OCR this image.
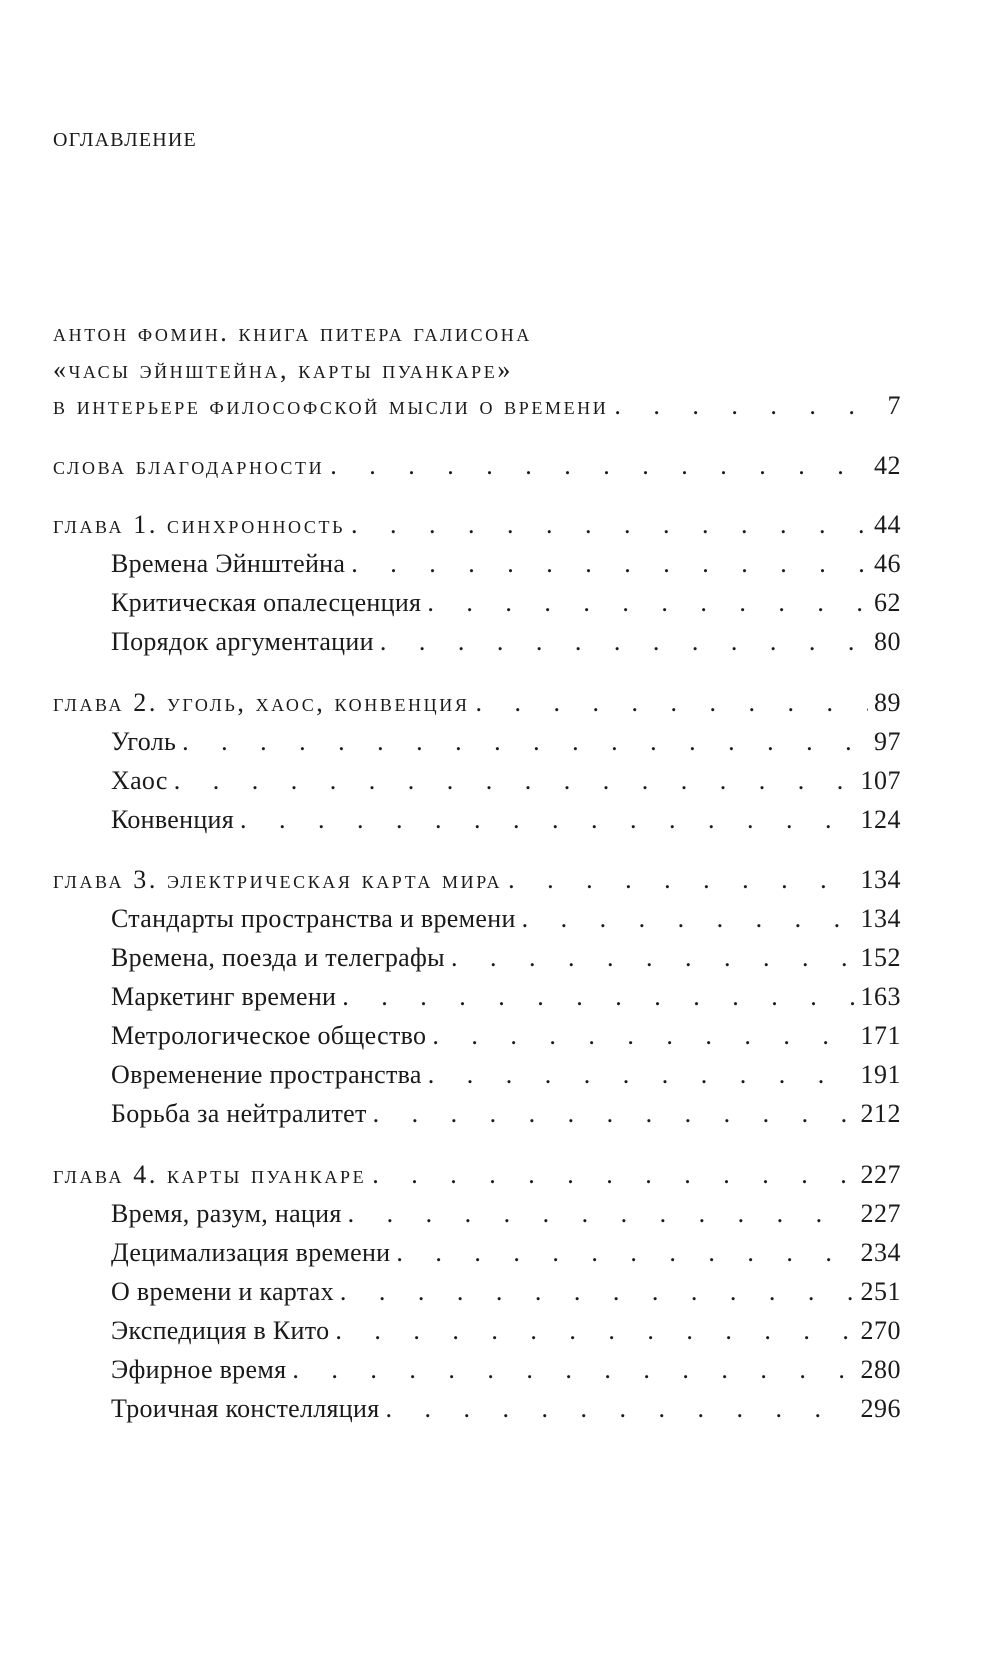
оглавление
антон фомин. книга питера галисона
«часы эйнштейна, карты пуанкаре»
в интерьере философской мысли о времени . . .	7
слова благодарности . . .	42
глава 1. синхронность . . .	44
Времена Эйнштейна . . .	46
Критическая опалесценция . . .	62
Порядок аргументации . . .	80
глава 2. уголь, хаос, конвенция . . .	89
Уголь . . .	97
Хаос . . .	107
Конвенция . . .	124
глава 3. электрическая карта мира . . .	134
Стандарты пространства и времени . . .	134
Времена, поезда и телеграфы . . .	152
Маркетинг времени . . .	163
Метрологическое общество . . .	171
Овременение пространства . . .	191
Борьба за нейтралитет . . .	212
глава 4. карты пуанкаре . . .	227
Время, разум, нация . . .	227
Децимализация времени . . .	234
О времени и картах . . .	251
Экспедиция в Кито . . .	270
Эфирное время . . .	280
Троичная констелляция . . .	296
